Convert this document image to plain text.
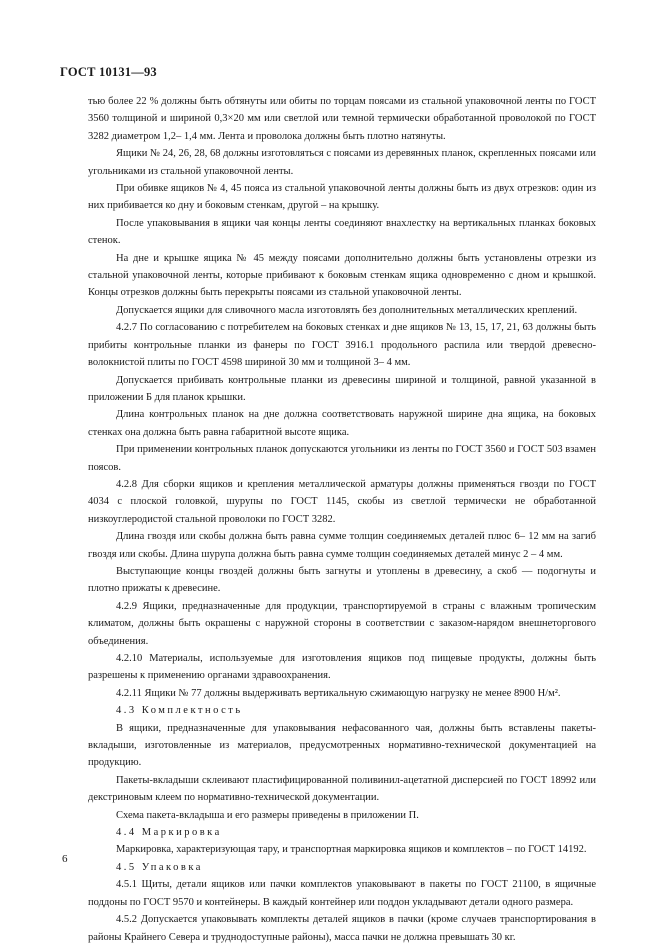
ГОСТ 10131—93

тью более 22 % должны быть обтянуты или обиты по торцам поясами из стальной упаковочной ленты по ГОСТ 3560 толщиной и шириной 0,3×20 мм или светлой или темной термически обработанной проволокой по ГОСТ 3282 диаметром 1,2– 1,4 мм. Лента и проволока должны быть плотно натянуты.

Ящики № 24, 26, 28, 68 должны изготовляться с поясами из деревянных планок, скрепленных поясами или угольниками из стальной упаковочной ленты.

При обивке ящиков № 4, 45 пояса из стальной упаковочной ленты должны быть из двух отрезков: один из них прибивается ко дну и боковым стенкам, другой – на крышку.

После упаковывания в ящики чая концы ленты соединяют внахлестку на вертикальных планках боковых стенок.

На дне и крышке ящика № 45 между поясами дополнительно должны быть установлены отрезки из стальной упаковочной ленты, которые прибивают к боковым стенкам ящика одновременно с дном и крышкой. Концы отрезков должны быть перекрыты поясами из стальной упаковочной ленты.

Допускается ящики для сливочного масла изготовлять без дополнительных металлических креплений.

4.2.7 По согласованию с потребителем на боковых стенках и дне ящиков № 13, 15, 17, 21, 63 должны быть прибиты контрольные планки из фанеры по ГОСТ 3916.1 продольного распила или твердой древесно-волокнистой плиты по ГОСТ 4598 шириной 30 мм и толщиной 3– 4 мм.

Допускается прибивать контрольные планки из древесины шириной и толщиной, равной указанной в приложении Б для планок крышки.

Длина контрольных планок на дне должна соответствовать наружной ширине дна ящика, на боковых стенках она должна быть равна габаритной высоте ящика.

При применении контрольных планок допускаются угольники из ленты по ГОСТ 3560 и ГОСТ 503 взамен поясов.

4.2.8 Для сборки ящиков и крепления металлической арматуры должны применяться гвозди по ГОСТ 4034 с плоской головкой, шурупы по ГОСТ 1145, скобы из светлой термически не обработанной низкоуглеродистой стальной проволоки по ГОСТ 3282.

Длина гвоздя или скобы должна быть равна сумме толщин соединяемых деталей плюс 6– 12 мм на загиб гвоздя или скобы. Длина шурупа должна быть равна сумме толщин соединяемых деталей минус 2 – 4 мм.

Выступающие концы гвоздей должны быть загнуты и утоплены в древесину, а скоб — подогнуты и плотно прижаты к древесине.

4.2.9 Ящики, предназначенные для продукции, транспортируемой в страны с влажным тропическим климатом, должны быть окрашены с наружной стороны в соответствии с заказом-нарядом внешнеторгового объединения.

4.2.10 Материалы, используемые для изготовления ящиков под пищевые продукты, должны быть разрешены к применению органами здравоохранения.

4.2.11 Ящики № 77 должны выдерживать вертикальную сжимающую нагрузку не менее 8900 Н/м².

4.3 Комплектность

В ящики, предназначенные для упаковывания нефасованного чая, должны быть вставлены пакеты-вкладыши, изготовленные из материалов, предусмотренных нормативно-технической документацией на продукцию.

Пакеты-вкладыши склеивают пластифицированной поливинил-ацетатной дисперсией по ГОСТ 18992 или декстриновым клеем по нормативно-технической документации.

Схема пакета-вкладыша и его размеры приведены в приложении П.

4.4 Маркировка

Маркировка, характеризующая тару, и транспортная маркировка ящиков и комплектов – по ГОСТ 14192.

4.5 Упаковка

4.5.1 Щиты, детали ящиков или пачки комплектов упаковывают в пакеты по ГОСТ 21100, в ящичные поддоны по ГОСТ 9570 и контейнеры. В каждый контейнер или поддон укладывают детали одного размера.

4.5.2 Допускается упаковывать комплекты деталей ящиков в пачки (кроме случаев транспортирования в районы Крайнего Севера и труднодоступные районы), масса пачки не должна превышать 30 кг.

6
